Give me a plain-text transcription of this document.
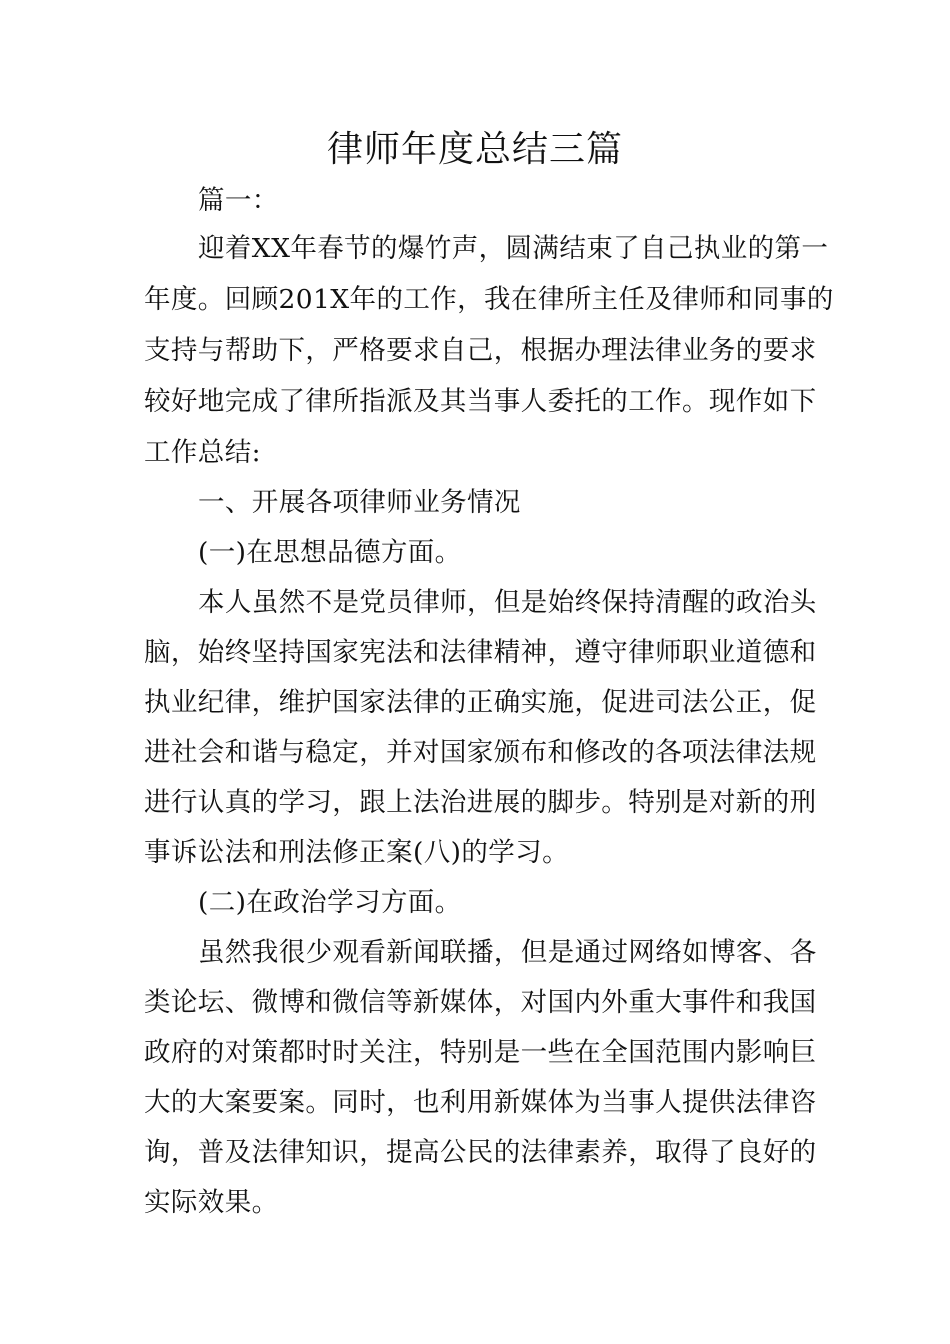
律师年度总结三篇

篇一：

迎着XX年春节的爆竹声，圆满结束了自己执业的第一

年度。回顾201X年的工作，我在律所主任及律师和同事的

支持与帮助下，严格要求自己，根据办理法律业务的要求

较好地完成了律所指派及其当事人委托的工作。现作如下

工作总结:

一、开展各项律师业务情况

(一)在思想品德方面。

本人虽然不是党员律师，但是始终保持清醒的政治头

脑，始终坚持国家宪法和法律精神，遵守律师职业道德和

执业纪律，维护国家法律的正确实施，促进司法公正，促

进社会和谐与稳定，并对国家颁布和修改的各项法律法规

进行认真的学习，跟上法治进展的脚步。特别是对新的刑

事诉讼法和刑法修正案(八)的学习。

(二)在政治学习方面。

虽然我很少观看新闻联播，但是通过网络如博客、各

类论坛、微博和微信等新媒体，对国内外重大事件和我国

政府的对策都时时关注，特别是一些在全国范围内影响巨

大的大案要案。同时，也利用新媒体为当事人提供法律咨

询，普及法律知识，提高公民的法律素养，取得了良好的

实际效果。
